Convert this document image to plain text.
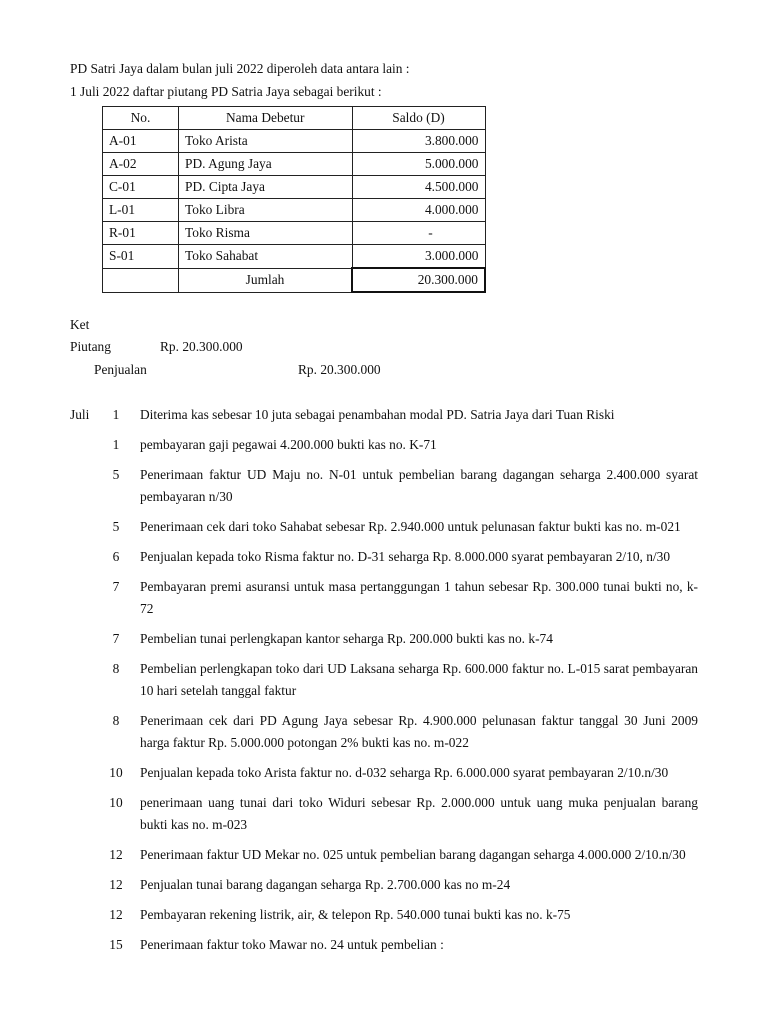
PD Satri Jaya dalam bulan juli 2022 diperoleh data antara lain :
1 Juli 2022 daftar piutang PD Satria Jaya sebagai berikut :
No.	Nama Debetur	Saldo (D)
A-01	Toko Arista	3.800.000
A-02	PD. Agung Jaya	5.000.000
C-01	PD. Cipta Jaya	4.500.000
L-01	Toko Libra	4.000.000
R-01	Toko Risma	-
S-01	Toko Sahabat	3.000.000
	Jumlah	20.300.000
Ket
Piutang	Rp. 20.300.000
Penjualan	Rp. 20.300.000
Juli	1	Diterima kas sebesar 10 juta sebagai penambahan modal PD. Satria Jaya dari Tuan Riski
1	pembayaran gaji pegawai 4.200.000 bukti kas no. K-71
5	Penerimaan faktur UD Maju no. N-01 untuk pembelian barang dagangan seharga 2.400.000 syarat pembayaran n/30
5	Penerimaan cek dari toko Sahabat sebesar Rp. 2.940.000 untuk pelunasan faktur bukti kas no. m-021
6	Penjualan kepada toko Risma faktur no. D-31 seharga Rp. 8.000.000 syarat pembayaran 2/10, n/30
7	Pembayaran premi asuransi untuk masa pertanggungan 1 tahun sebesar Rp. 300.000 tunai bukti no, k-72
7	Pembelian tunai perlengkapan kantor seharga Rp. 200.000 bukti kas no. k-74
8	Pembelian perlengkapan toko dari UD Laksana seharga Rp. 600.000 faktur no. L-015 sarat pembayaran 10 hari setelah tanggal faktur
8	Penerimaan cek dari PD Agung Jaya sebesar Rp. 4.900.000 pelunasan faktur tanggal 30 Juni 2009 harga faktur Rp. 5.000.000 potongan 2% bukti kas no. m-022
10 Penjualan kepada toko Arista faktur no. d-032 seharga Rp. 6.000.000 syarat pembayaran 2/10.n/30
10 penerimaan uang tunai dari toko Widuri sebesar Rp. 2.000.000 untuk uang muka penjualan barang bukti kas no. m-023
12 Penerimaan faktur UD Mekar no. 025 untuk pembelian barang dagangan seharga 4.000.000 2/10.n/30
12 Penjualan tunai barang dagangan seharga Rp. 2.700.000 kas no m-24
12 Pembayaran rekening listrik, air, & telepon Rp. 540.000 tunai bukti kas no. k-75
15 Penerimaan faktur toko Mawar no. 24 untuk pembelian :
